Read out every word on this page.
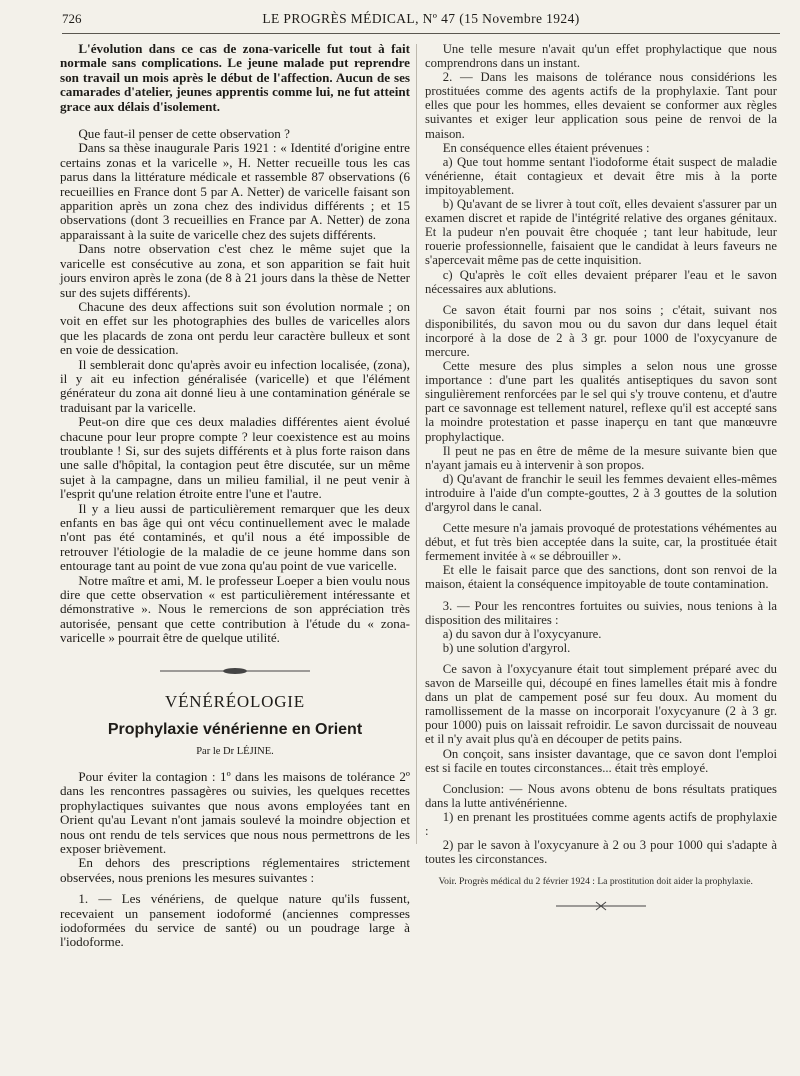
726	LE PROGRÈS MÉDICAL, Nº 47 (15 Novembre 1924)

L'évolution dans ce cas de zona-varicelle fut tout à fait normale sans complications. Le jeune malade put reprendre son travail un mois après le début de l'affection. Aucun de ses camarades d'atelier, jeunes apprentis comme lui, ne fut atteint grace aux délais d'isolement.

Que faut-il penser de cette observation ?

Dans sa thèse inaugurale Paris 1921 : « Identité d'origine entre certains zonas et la varicelle », H. Netter recueille tous les cas parus dans la littérature médicale et rassemble 87 observations (6 recueillies en France dont 5 par A. Netter) de varicelle faisant son apparition après un zona chez des individus différents ; et 15 observations (dont 3 recueillies en France par A. Netter) de zona apparaissant à la suite de varicelle chez des sujets différents.

Dans notre observation c'est chez le même sujet que la varicelle est consécutive au zona, et son apparition se fait huit jours environ après le zona (de 8 à 21 jours dans la thèse de Netter sur des sujets différents).

Chacune des deux affections suit son évolution normale ; on voit en effet sur les photographies des bulles de varicelles alors que les placards de zona ont perdu leur caractère bulleux et sont en voie de dessication.

Il semblerait donc qu'après avoir eu infection localisée, (zona), il y ait eu infection généralisée (varicelle) et que l'élément générateur du zona ait donné lieu à une contamination générale se traduisant par la varicelle.

Peut-on dire que ces deux maladies différentes aient évolué chacune pour leur propre compte ? leur coexistence est au moins troublante ! Si, sur des sujets différents et à plus forte raison dans une salle d'hôpital, la contagion peut être discutée, sur un même sujet à la campagne, dans un milieu familial, il ne peut venir à l'esprit qu'une relation étroite entre l'une et l'autre.

Il y a lieu aussi de particulièrement remarquer que les deux enfants en bas âge qui ont vécu continuellement avec le malade n'ont pas été contaminés, et qu'il nous a été impossible de retrouver l'étiologie de la maladie de ce jeune homme dans son entourage tant au point de vue zona qu'au point de vue varicelle.

Notre maître et ami, M. le professeur Loeper a bien voulu nous dire que cette observation « est particulièrement intéressante et démonstrative ». Nous le remercions de son appréciation très autorisée, pensant que cette contribution à l'étude du « zona-varicelle » pourrait être de quelque utilité.

VÉNÉRÉOLOGIE
Prophylaxie vénérienne en Orient
Par le Dr LÉJINE.

Pour éviter la contagion : 1º dans les maisons de tolérance 2º dans les rencontres passagères ou suivies, les quelques recettes prophylactiques suivantes que nous avons employées tant en Orient qu'au Levant n'ont jamais soulevé la moindre objection et nous ont rendu de tels services que nous nous permettrons de les exposer brièvement.

En dehors des prescriptions réglementaires strictement observées, nous prenions les mesures suivantes :

1. — Les vénériens, de quelque nature qu'ils fussent, recevaient un pansement iodoformé (anciennes compresses iodoformées du service de santé) ou un poudrage large à l'iodoforme.

Une telle mesure n'avait qu'un effet prophylactique que nous comprendrons dans un instant.

2. — Dans les maisons de tolérance nous considérions les prostituées comme des agents actifs de la prophylaxie. Tant pour elles que pour les hommes, elles devaient se conformer aux règles suivantes et exiger leur application sous peine de renvoi de la maison.

En conséquence elles étaient prévenues :

a) Que tout homme sentant l'iodoforme était suspect de maladie vénérienne, était contagieux et devait être mis à la porte impitoyablement.

b) Qu'avant de se livrer à tout coït, elles devaient s'assurer par un examen discret et rapide de l'intégrité relative des organes génitaux. Et la pudeur n'en pouvait être choquée ; tant leur habitude, leur rouerie professionnelle, faisaient que le candidat à leurs faveurs ne s'apercevait même pas de cette inquisition.

c) Qu'après le coït elles devaient préparer l'eau et le savon nécessaires aux ablutions.

Ce savon était fourni par nos soins ; c'était, suivant nos disponibilités, du savon mou ou du savon dur dans lequel était incorporé à la dose de 2 à 3 gr. pour 1000 de l'oxycyanure de mercure.

Cette mesure des plus simples a selon nous une grosse importance : d'une part les qualités antiseptiques du savon sont singulièrement renforcées par le sel qui s'y trouve contenu, et d'autre part ce savonnage est tellement naturel, reflexe qu'il est accepté sans la moindre protestation et passe inaperçu en tant que manœuvre prophylactique.

Il peut ne pas en être de même de la mesure suivante bien que n'ayant jamais eu à intervenir à son propos.

d) Qu'avant de franchir le seuil les femmes devaient elles-mêmes introduire à l'aide d'un compte-gouttes, 2 à 3 gouttes de la solution d'argyrol dans le canal.

Cette mesure n'a jamais provoqué de protestations véhémentes au début, et fut très bien acceptée dans la suite, car, la prostituée était fermement invitée à « se débrouiller ».

Et elle le faisait parce que des sanctions, dont son renvoi de la maison, étaient la conséquence impitoyable de toute contamination.

3. — Pour les rencontres fortuites ou suivies, nous tenions à la disposition des militaires :

a) du savon dur à l'oxycyanure.

b) une solution d'argyrol.

Ce savon à l'oxycyanure était tout simplement préparé avec du savon de Marseille qui, découpé en fines lamelles était mis à fondre dans un plat de campement posé sur feu doux. Au moment du ramollissement de la masse on incorporait l'oxycyanure (2 à 3 gr. pour 1000) puis on laissait refroidir. Le savon durcissait de nouveau et il n'y avait plus qu'à en découper de petits pains.

On conçoit, sans insister davantage, que ce savon dont l'emploi est si facile en toutes circonstances... était très employé.

Conclusion: — Nous avons obtenu de bons résultats pratiques dans la lutte antivénérienne.

1) en prenant les prostituées comme agents actifs de prophylaxie :

2) par le savon à l'oxycyanure à 2 ou 3 pour 1000 qui s'adapte à toutes les circonstances.

Voir. Progrès médical du 2 février 1924 : La prostitution doit aider la prophylaxie.
